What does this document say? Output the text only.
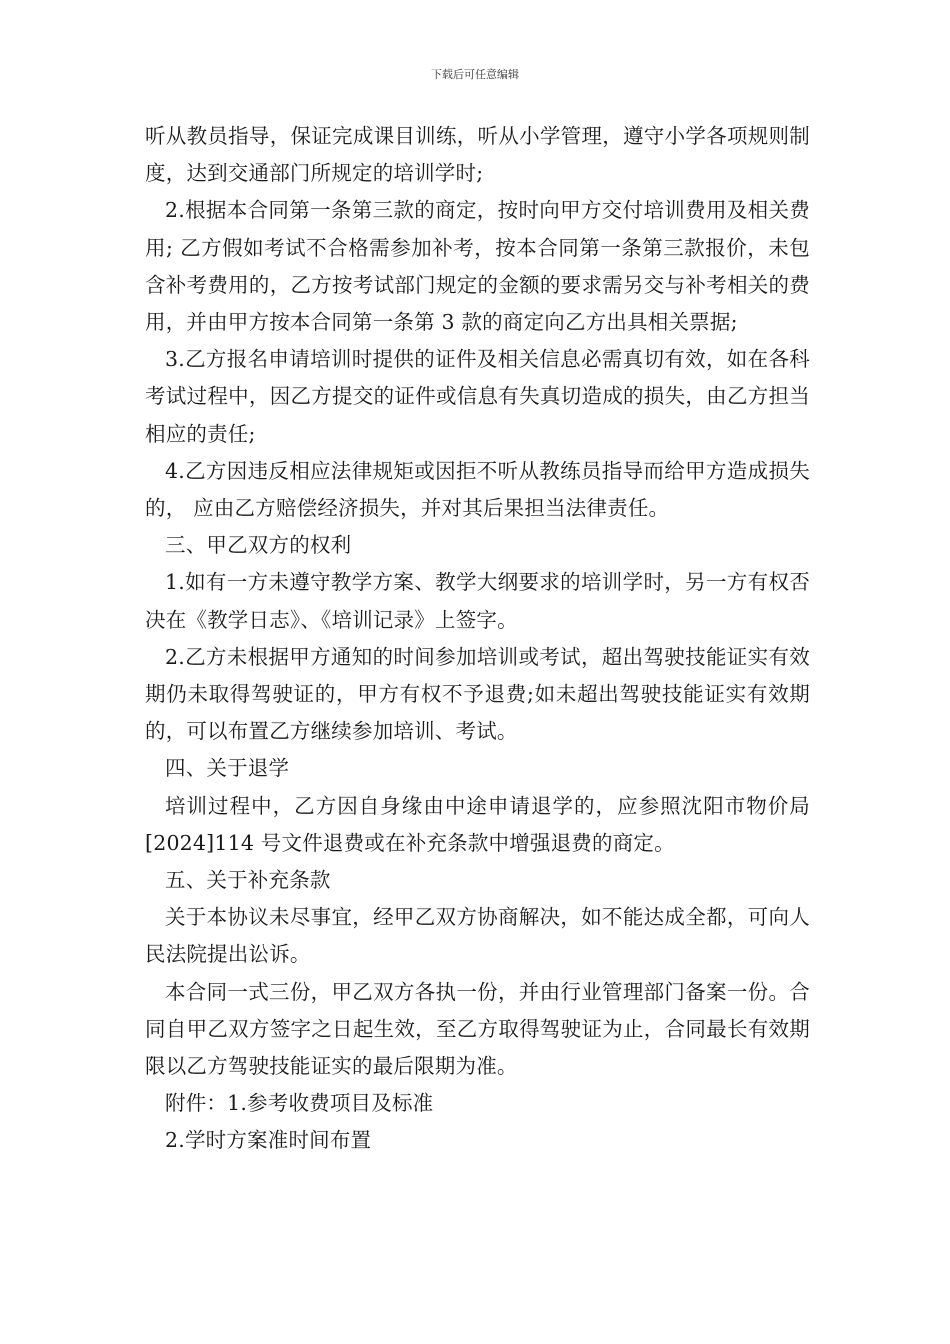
下载后可任意编辑

听从教员指导，保证完成课目训练，听从小学管理，遵守小学各项规则制度，达到交通部门所规定的培训学时;

2.根据本合同第一条第三款的商定，按时向甲方交付培训费用及相关费用; 乙方假如考试不合格需参加补考，按本合同第一条第三款报价，未包含补考费用的，乙方按考试部门规定的金额的要求需另交与补考相关的费用，并由甲方按本合同第一条第 3 款的商定向乙方出具相关票据;

3.乙方报名申请培训时提供的证件及相关信息必需真切有效，如在各科考试过程中，因乙方提交的证件或信息有失真切造成的损失，由乙方担当相应的责任;

4.乙方因违反相应法律规矩或因拒不听从教练员指导而给甲方造成损失的， 应由乙方赔偿经济损失，并对其后果担当法律责任。

三、甲乙双方的权利

1.如有一方未遵守教学方案、教学大纲要求的培训学时，另一方有权否决在《教学日志》、《培训记录》上签字。

2.乙方未根据甲方通知的时间参加培训或考试，超出驾驶技能证实有效期仍未取得驾驶证的，甲方有权不予退费;如未超出驾驶技能证实有效期的，可以布置乙方继续参加培训、考试。

四、关于退学

培训过程中，乙方因自身缘由中途申请退学的，应参照沈阳市物价局[2024]114 号文件退费或在补充条款中增强退费的商定。

五、关于补充条款

关于本协议未尽事宜，经甲乙双方协商解决，如不能达成全都，可向人民法院提出讼诉。

本合同一式三份，甲乙双方各执一份，并由行业管理部门备案一份。合同自甲乙双方签字之日起生效，至乙方取得驾驶证为止，合同最长有效期限以乙方驾驶技能证实的最后限期为准。

附件：1.参考收费项目及标准

2.学时方案准时间布置
